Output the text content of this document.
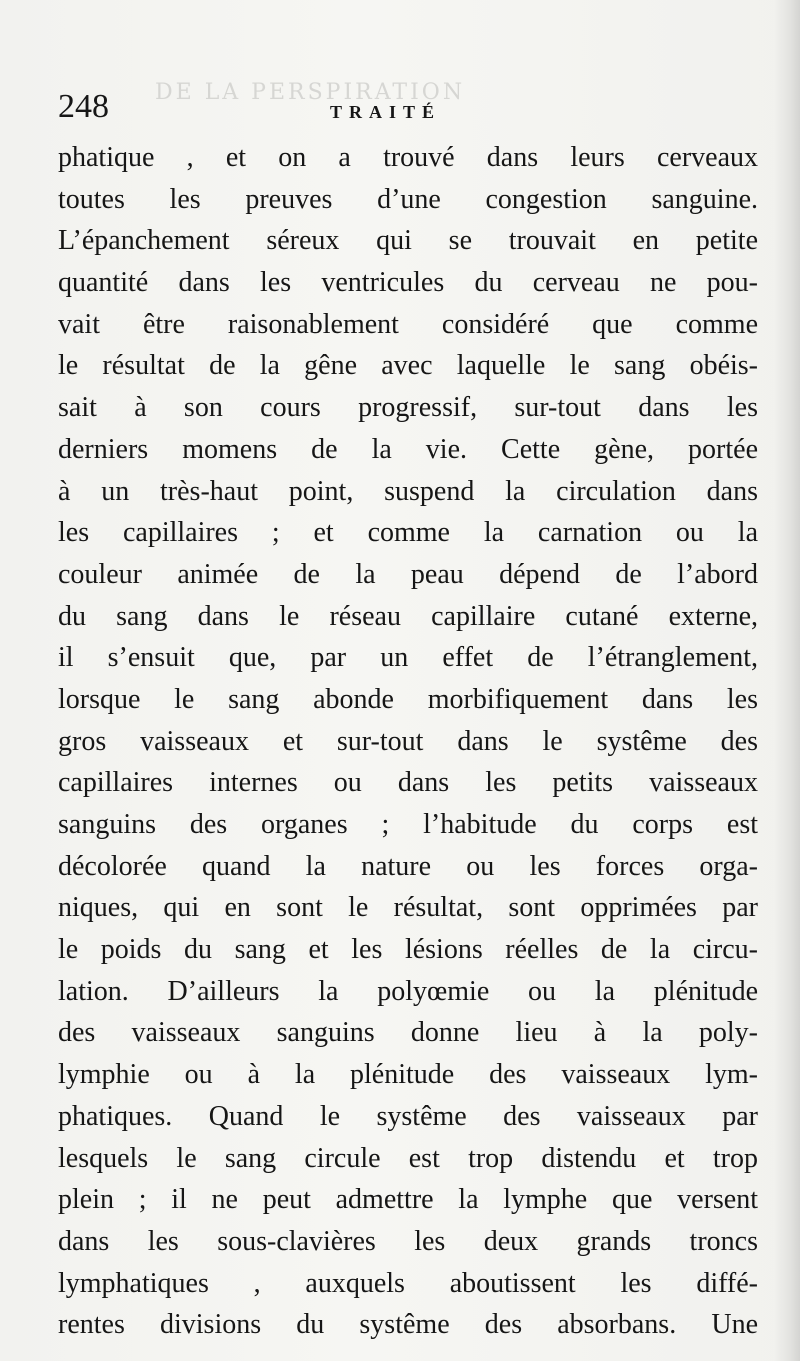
DE LA PERSPIRATION
248	TRAITÉ
phatique , et on a trouvé dans leurs cerveaux
toutes les preuves d’une congestion sanguine.
L’épanchement séreux qui se trouvait en petite
quantité dans les ventricules du cerveau ne pou-
vait être raisonablement considéré que comme
le résultat de la gêne avec laquelle le sang obéis-
sait à son cours progressif, sur-tout dans les
derniers momens de la vie. Cette gène, portée
à un très-haut point, suspend la circulation dans
les capillaires ; et comme la carnation ou la
couleur animée de la peau dépend de l’abord
du sang dans le réseau capillaire cutané externe,
il s’ensuit que, par un effet de l’étranglement,
lorsque le sang abonde morbifiquement dans les
gros vaisseaux et sur-tout dans le systême des
capillaires internes ou dans les petits vaisseaux
sanguins des organes ; l’habitude du corps est
décolorée quand la nature ou les forces orga-
niques, qui en sont le résultat, sont opprimées par
le poids du sang et les lésions réelles de la circu-
lation. D’ailleurs la polyœmie ou la plénitude
des vaisseaux sanguins donne lieu à la poly-
lymphie ou à la plénitude des vaisseaux lym-
phatiques. Quand le systême des vaisseaux par
lesquels le sang circule est trop distendu et trop
plein ; il ne peut admettre la lymphe que versent
dans les sous-clavières les deux grands troncs
lymphatiques , auxquels aboutissent les diffé-
rentes divisions du systême des absorbans. Une
